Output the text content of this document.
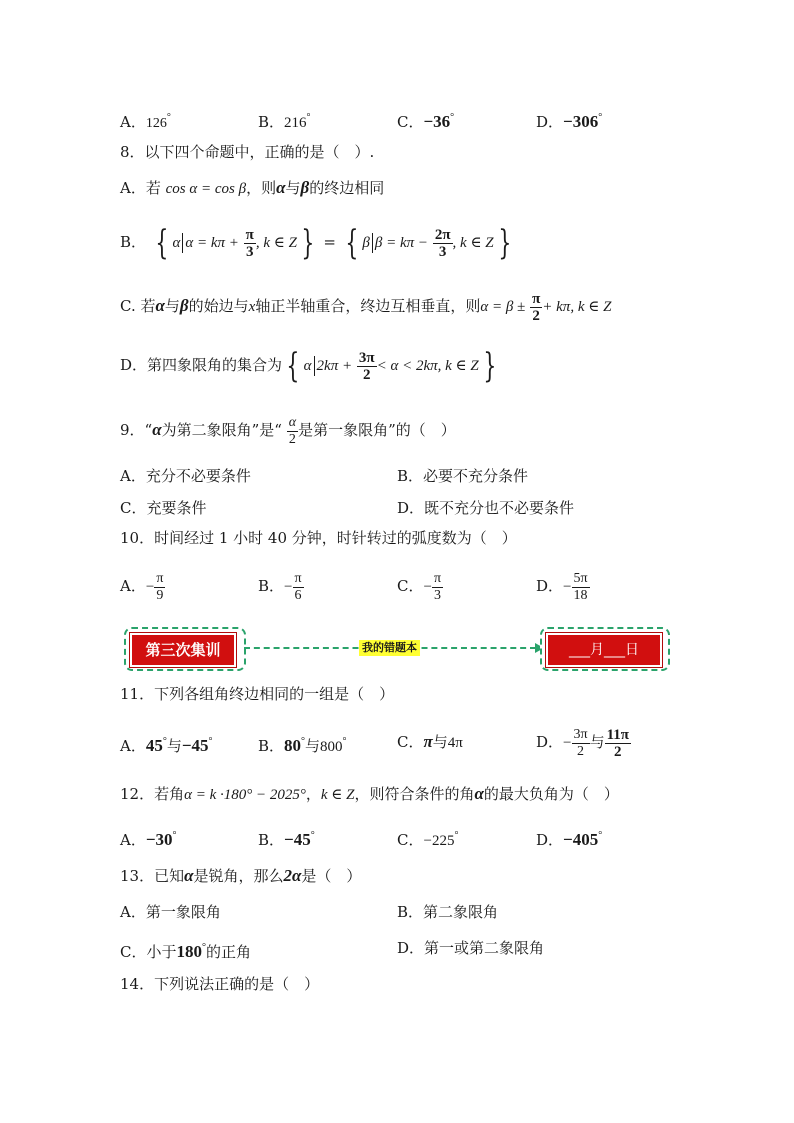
A．126°	B．216°	C．−36°	D．−306°
8．以下四个命题中，正确的是（　）.
A．若 cos α = cos β，则α与β的终边相同
B． { α $\alpha = k\pi + \frac{\pi}{3}$ , k ∈ Z } = { β $\beta = k\pi - \frac{2\pi}{3}$ , k ∈ Z }
C. 若α与β的始边与x轴正半轴重合，终边互相垂直，则$\alpha = \beta \pm \frac{\pi}{2} + k\pi$, k ∈ Z
D．第四象限角的集合为 { α $2k\pi + \frac{3\pi}{2} < \alpha < 2k\pi$, k ∈ Z }
9．“α为第二象限角”是“ $\frac{\alpha}{2}$ 是第一象限角”的（　）
A．充分不必要条件	B．必要不充分条件
C．充要条件	D．既不充分也不必要条件
10．时间经过 1 小时 40 分钟，时针转过的弧度数为（　）
A．− $\frac{\pi}{9}$	B．− $\frac{\pi}{6}$	C．− $\frac{\pi}{3}$	D．− $\frac{5\pi}{18}$
第三次集训	我的错题本	___月___日
11．下列各组角终边相同的一组是（　）
A．45°与−45°	B．80°与800°	C．π与4π	D．− $\frac{3\pi}{2}$ 与 $\frac{11\pi}{2}$
12．若角α = k ·180° − 2025°，k ∈ Z，则符合条件的角α的最大负角为（　）
A．−30°	B．−45°	C．−225°	D．−405°
13．已知α是锐角，那么2α是（　）
A．第一象限角	B．第二象限角
C．小于180°的正角	D．第一或第二象限角
14．下列说法正确的是（　）
